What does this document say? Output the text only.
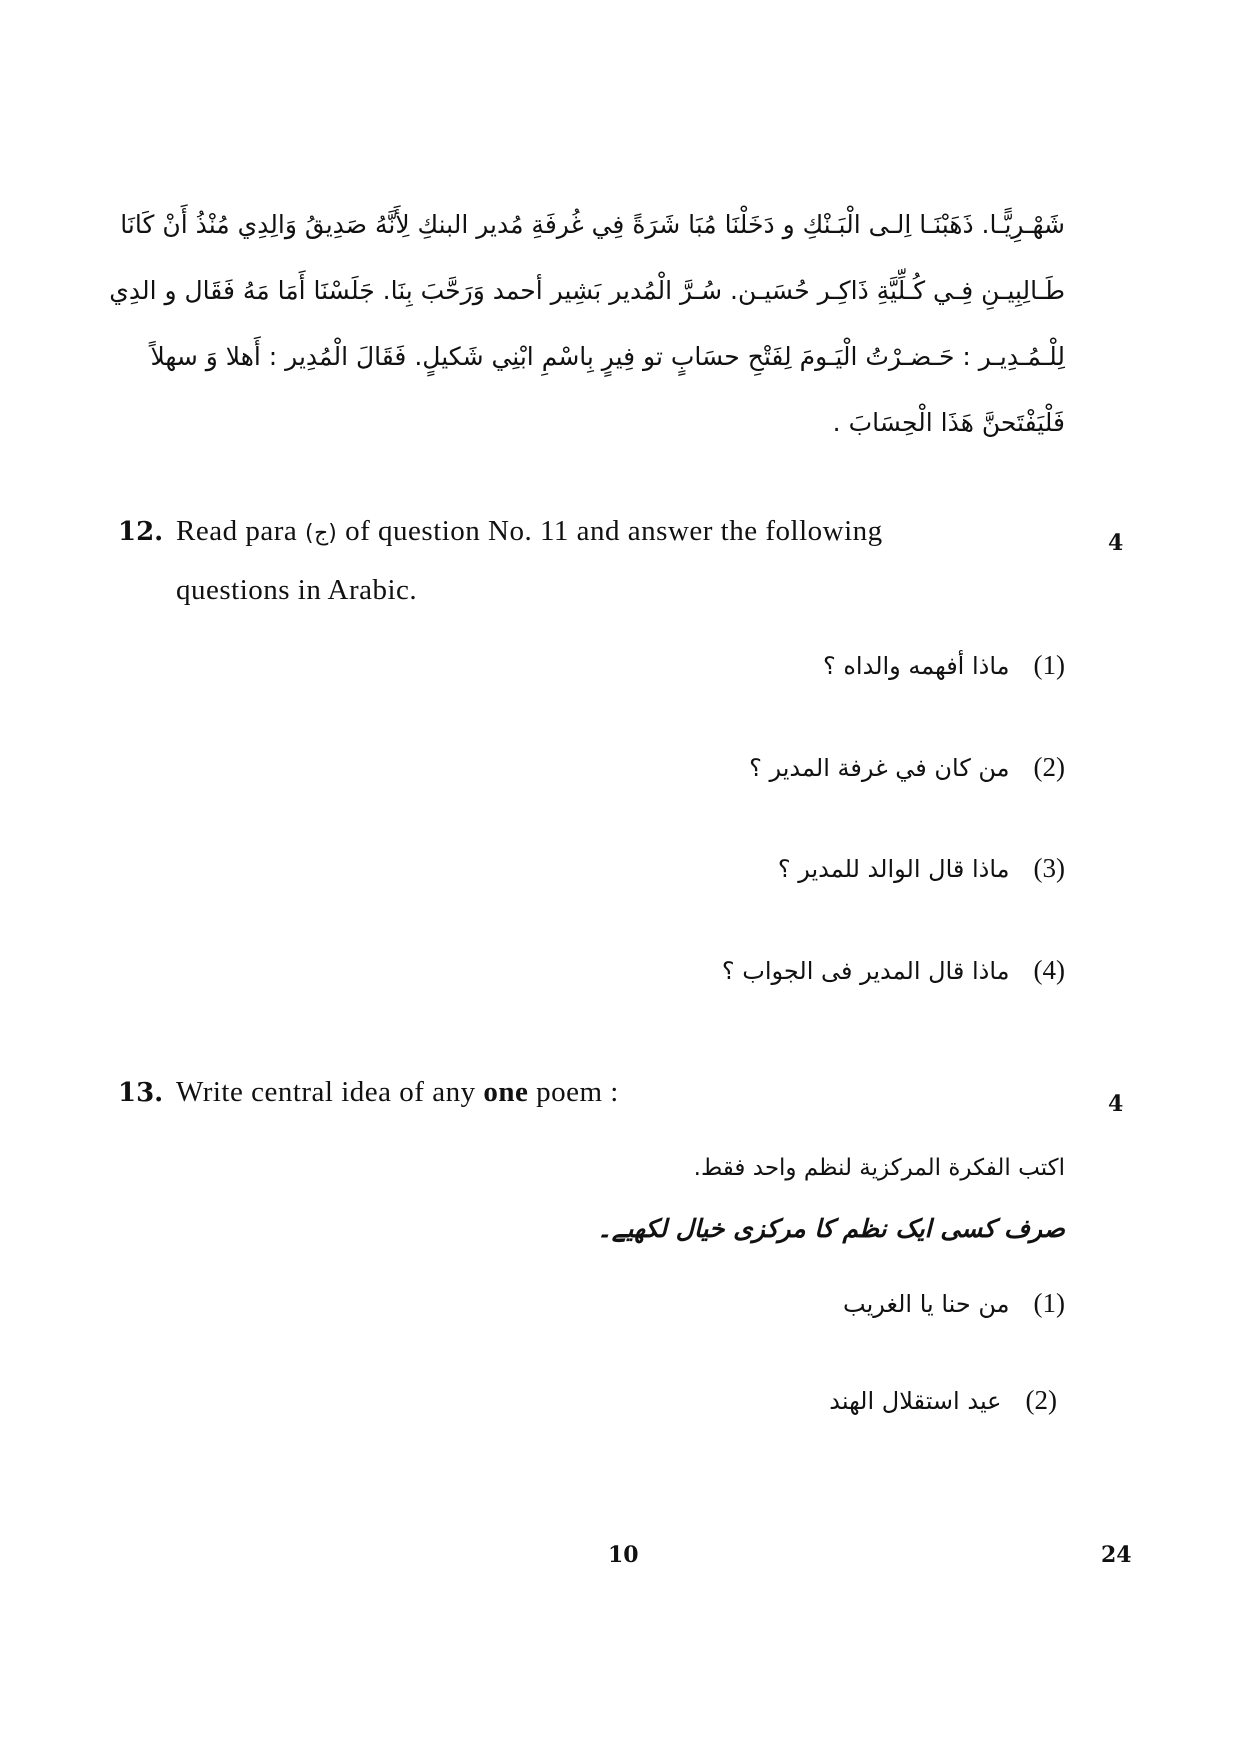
شَهْـرِيًّـا. ذَهَبْنَـا اِلـى الْبَـنْكِ و دَخَلْنَا مُبَا شَرَةً فِي غُرفَةِ مُدير البنكِ لِأَنَّهُ صَدِيقُ وَالِدِي مُنْذُ أَنْ كَانَا
طَـالِبِيـنِ فِـي كُـلِّيَّةِ ذَاكِـر حُسَيـن. سُـرَّ الْمُدير بَشِير أحمد وَرَحَّبَ بِنَا. جَلَسْنَا أَمَا مَهُ فَقَال و الدِي
لِلْـمُـدِيـر : حَـضـرْتُ الْيَـومَ لِفَتْحِ حسَابٍ تو فِيرٍ بِاسْمِ ابْنِي شَكيلٍ. فَقَالَ الْمُدِير : أَهلا وَ سهلاً
فَلْيَفْتَحنَّ هَذَا الْحِسَابَ .
12. Read para (ج) of question No. 11 and answer the following
questions in Arabic.
4
(1)ماذا أفهمه والداه ؟
(2)من كان في غرفة المدير ؟
(3)ماذا قال الوالد للمدير ؟
(4)ماذا قال المدير فى الجواب ؟
13. Write central idea of any one poem :	4
اكتب الفكرة المركزية لنظم واحد فقط.
صرف کسی ایک نظم کا مرکزی خیال لکھیے۔
(1)من حنا يا الغريب
(2)عيد استقلال الهند
10	24
